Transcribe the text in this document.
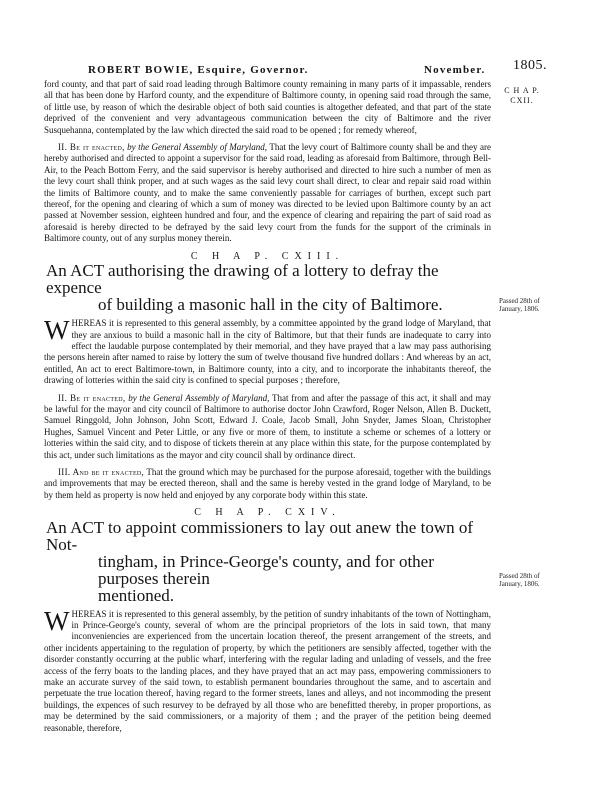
ROBERT BOWIE, Esquire, Governor.	November. 1805.
C H A P.
CXII.
Passed 28th of January, 1806.
Passed 28th of January, 1806.

ford county, and that part of said road leading through Baltimore county remaining in many parts of it impassable, renders all that has been done by Harford county, and the expenditure of Baltimore county, in opening said road through the same, of little use, by reason of which the desirable object of both said counties is altogether defeated, and that part of the state deprived of the convenient and very advantageous communication between the city of Baltimore and the river Susquehanna, contemplated by the law which directed the said road to be opened ; for remedy whereof,

II. Be it enacted, by the General Assembly of Maryland, That the levy court of Baltimore county shall be and they are hereby authorised and directed to appoint a supervisor for the said road, leading as aforesaid from Baltimore, through Bell-Air, to the Peach Bottom Ferry, and the said supervisor is hereby authorised and directed to hire such a number of men as the levy court shall think proper, and at such wages as the said levy court shall direct, to clear and repair said road within the limits of Baltimore county, and to make the same conveniently passable for carriages of burthen, except such part thereof, for the opening and clearing of which a sum of money was directed to be levied upon Baltimore county by an act passed at November session, eighteen hundred and four, and the expence of clearing and repairing the part of said road as aforesaid is hereby directed to be defrayed by the said levy court from the funds for the support of the criminals in Baltimore county, out of any surplus money therein.

C H A P. CXIII.
An ACT authorising the drawing of a lottery to defray the expence
of building a masonic hall in the city of Baltimore.

WHEREAS it is represented to this general assembly, by a committee appointed by the grand lodge of Maryland, that they are anxious to build a masonic hall in the city of Baltimore, but that their funds are inadequate to carry into effect the laudable purpose contemplated by their memorial, and they have prayed that a law may pass authorising the persons herein after named to raise by lottery the sum of twelve thousand five hundred dollars : And whereas by an act, entitled, An act to erect Baltimore-town, in Baltimore county, into a city, and to incorporate the inhabitants thereof, the drawing of lotteries within the said city is confined to special purposes ; therefore,

II. Be it enacted, by the General Assembly of Maryland, That from and after the passage of this act, it shall and may be lawful for the mayor and city council of Baltimore to authorise doctor John Crawford, Roger Nelson, Allen B. Duckett, Samuel Ringgold, John Johnson, John Scott, Edward J. Coale, Jacob Small, John Snyder, James Sloan, Christopher Hughes, Samuel Vincent and Peter Little, or any five or more of them, to institute a scheme or schemes of a lottery or lotteries within the said city, and to dispose of tickets therein at any place within this state, for the purpose contemplated by this act, under such limitations as the mayor and city council shall by ordinance direct.

III. And be it enacted, That the ground which may be purchased for the purpose aforesaid, together with the buildings and improvements that may be erected thereon, shall and the same is hereby vested in the grand lodge of Maryland, to be by them held as property is now held and enjoyed by any corporate body within this state.

C H A P. CXIV.
An ACT to appoint commissioners to lay out anew the town of Not-
tingham, in Prince-George's county, and for other purposes therein
mentioned.

WHEREAS it is represented to this general assembly, by the petition of sundry inhabitants of the town of Nottingham, in Prince-George's county, several of whom are the principal proprietors of the lots in said town, that many inconveniencies are experienced from the uncertain location thereof, the present arrangement of the streets, and other incidents appertaining to the regulation of property, by which the petitioners are sensibly affected, together with the disorder constantly occurring at the public wharf, interfering with the regular lading and unlading of vessels, and the free access of the ferry boats to the landing places, and they have prayed that an act may pass, empowering commissioners to make an accurate survey of the said town, to establish permanent boundaries throughout the same, and to ascertain and perpetuate the true location thereof, having regard to the former streets, lanes and alleys, and not incommoding the present buildings, the expences of such resurvey to be defrayed by all those who are benefitted thereby, in proper proportions, as may be determined by the said commissioners, or a majority of them ; and the prayer of the petition being deemed reasonable, therefore,
